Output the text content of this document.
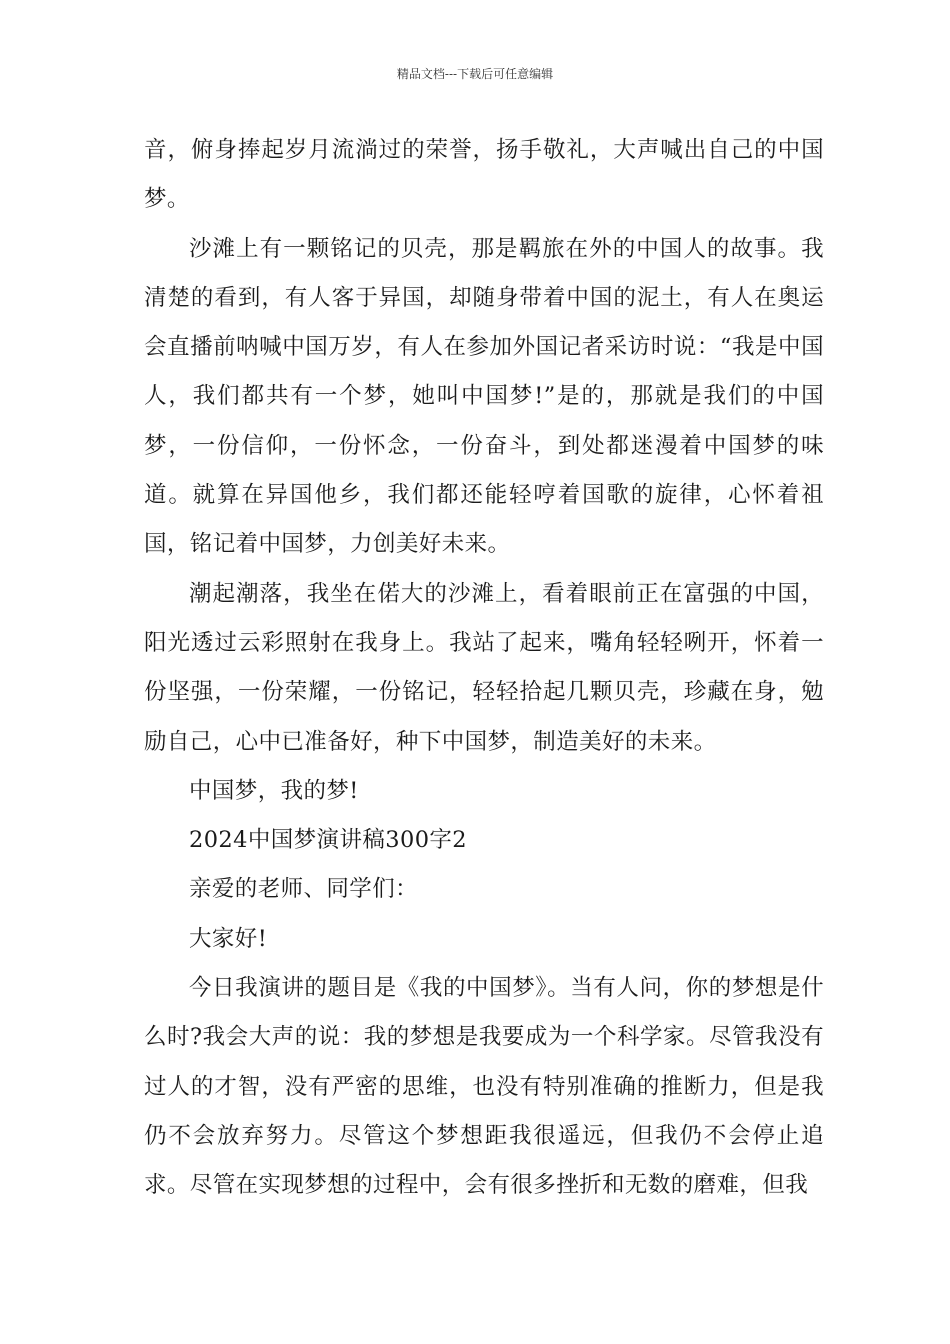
精品文档---下载后可任意编辑

音，俯身捧起岁月流淌过的荣誉，扬手敬礼，大声喊出自己的中国梦。

沙滩上有一颗铭记的贝壳，那是羁旅在外的中国人的故事。我清楚的看到，有人客于异国，却随身带着中国的泥土，有人在奥运会直播前呐喊中国万岁，有人在参加外国记者采访时说：“我是中国人，我们都共有一个梦，她叫中国梦!”是的，那就是我们的中国梦，一份信仰，一份怀念，一份奋斗，到处都迷漫着中国梦的味道。就算在异国他乡，我们都还能轻哼着国歌的旋律，心怀着祖国，铭记着中国梦，力创美好未来。

潮起潮落，我坐在偌大的沙滩上，看着眼前正在富强的中国，阳光透过云彩照射在我身上。我站了起来，嘴角轻轻咧开，怀着一份坚强，一份荣耀，一份铭记，轻轻拾起几颗贝壳，珍藏在身，勉励自己，心中已准备好，种下中国梦，制造美好的未来。

中国梦，我的梦!

2024中国梦演讲稿300字2

亲爱的老师、同学们：

大家好!

今日我演讲的题目是《我的中国梦》。当有人问，你的梦想是什么时?我会大声的说：我的梦想是我要成为一个科学家。尽管我没有过人的才智，没有严密的思维，也没有特别准确的推断力，但是我仍不会放弃努力。尽管这个梦想距我很遥远，但我仍不会停止追求。尽管在实现梦想的过程中，会有很多挫折和无数的磨难，但我
